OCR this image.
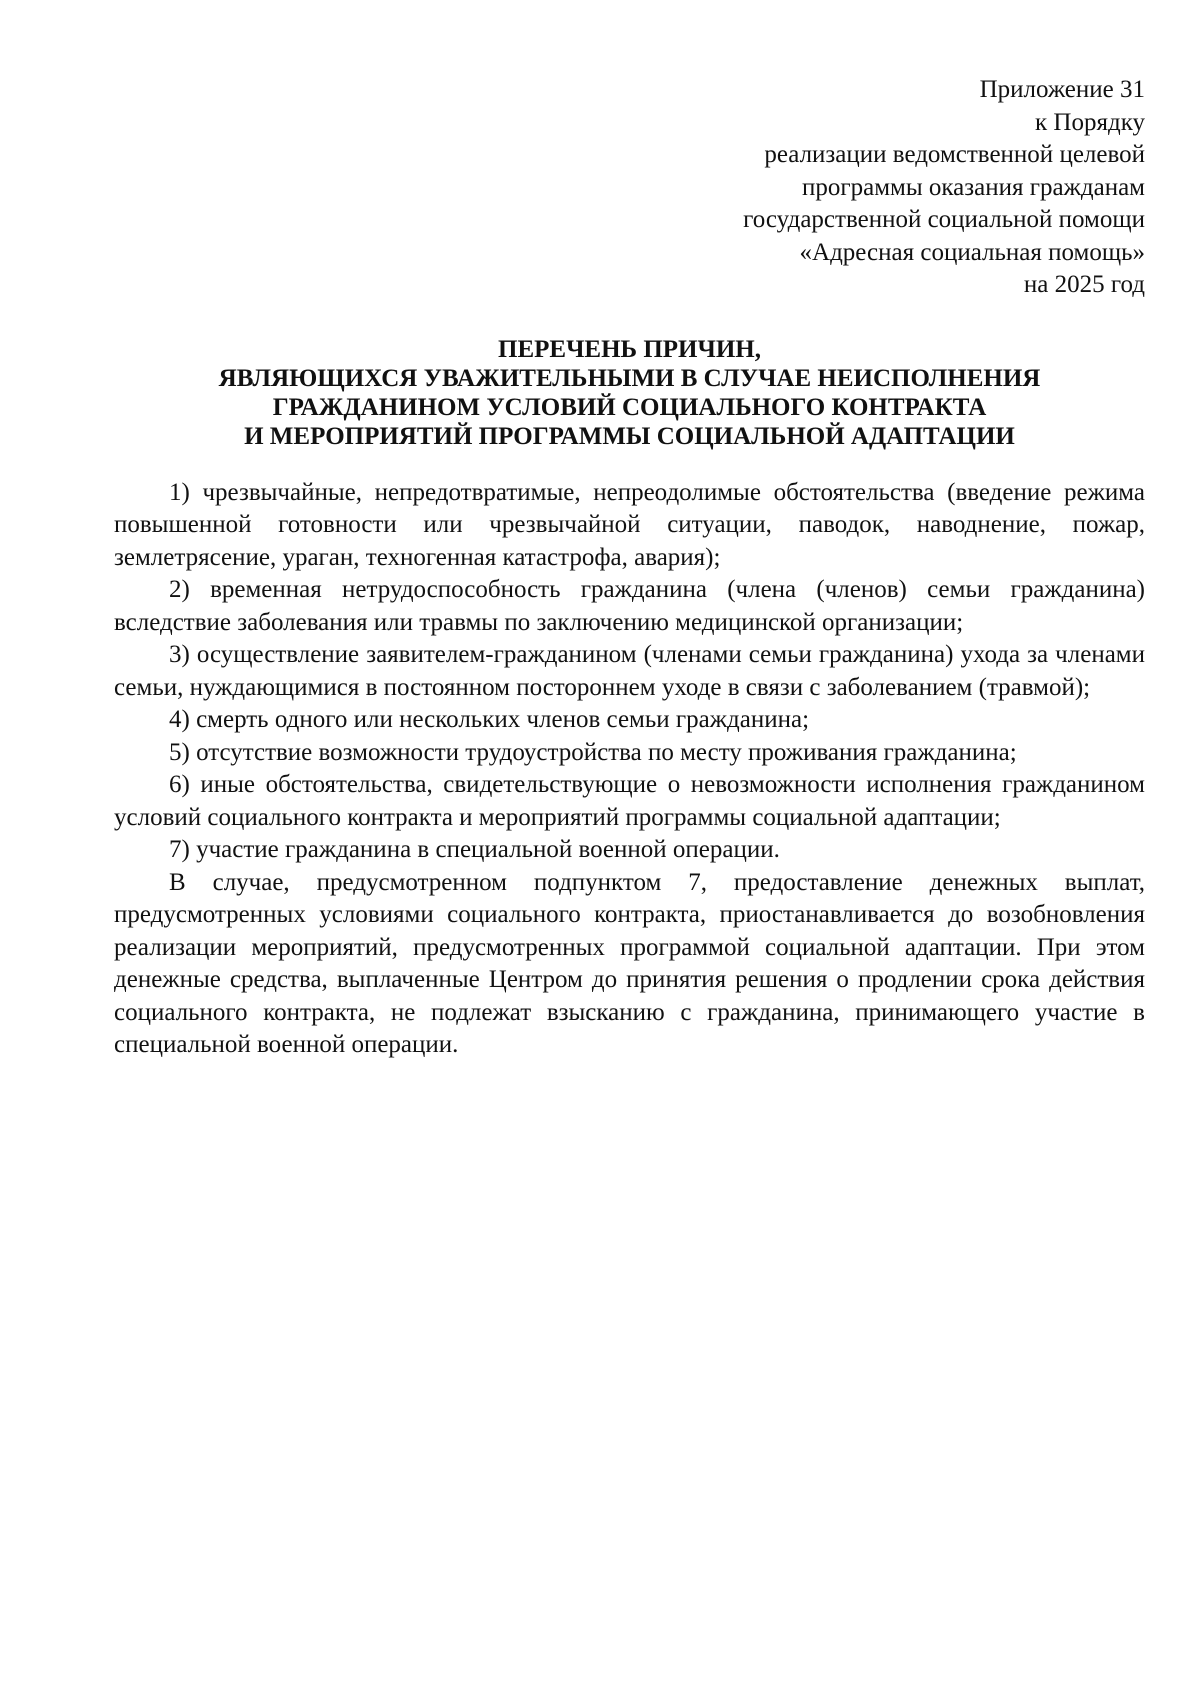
Приложение 31
к Порядку
реализации ведомственной целевой
программы оказания гражданам
государственной социальной помощи
«Адресная социальная помощь»
на 2025 год
ПЕРЕЧЕНЬ ПРИЧИН,
ЯВЛЯЮЩИХСЯ УВАЖИТЕЛЬНЫМИ В СЛУЧАЕ НЕИСПОЛНЕНИЯ
ГРАЖДАНИНОМ УСЛОВИЙ СОЦИАЛЬНОГО КОНТРАКТА
И МЕРОПРИЯТИЙ ПРОГРАММЫ СОЦИАЛЬНОЙ АДАПТАЦИИ

1) чрезвычайные, непредотвратимые, непреодолимые обстоятельства (введение режима повышенной готовности или чрезвычайной ситуации, паводок, наводнение, пожар, землетрясение, ураган, техногенная катастрофа, авария);

2) временная нетрудоспособность гражданина (члена (членов) семьи гражданина) вследствие заболевания или травмы по заключению медицинской организации;

3) осуществление заявителем-гражданином (членами семьи гражданина) ухода за членами семьи, нуждающимися в постоянном постороннем уходе в связи с заболеванием (травмой);

4) смерть одного или нескольких членов семьи гражданина;

5) отсутствие возможности трудоустройства по месту проживания гражданина;

6) иные обстоятельства, свидетельствующие о невозможности исполнения гражданином условий социального контракта и мероприятий программы социальной адаптации;

7) участие гражданина в специальной военной операции.

В случае, предусмотренном подпунктом 7, предоставление денежных выплат, предусмотренных условиями социального контракта, приостанавливается до возобновления реализации мероприятий, предусмотренных программой социальной адаптации. При этом денежные средства, выплаченные Центром до принятия решения о продлении срока действия социального контракта, не подлежат взысканию с гражданина, принимающего участие в специальной военной операции.
